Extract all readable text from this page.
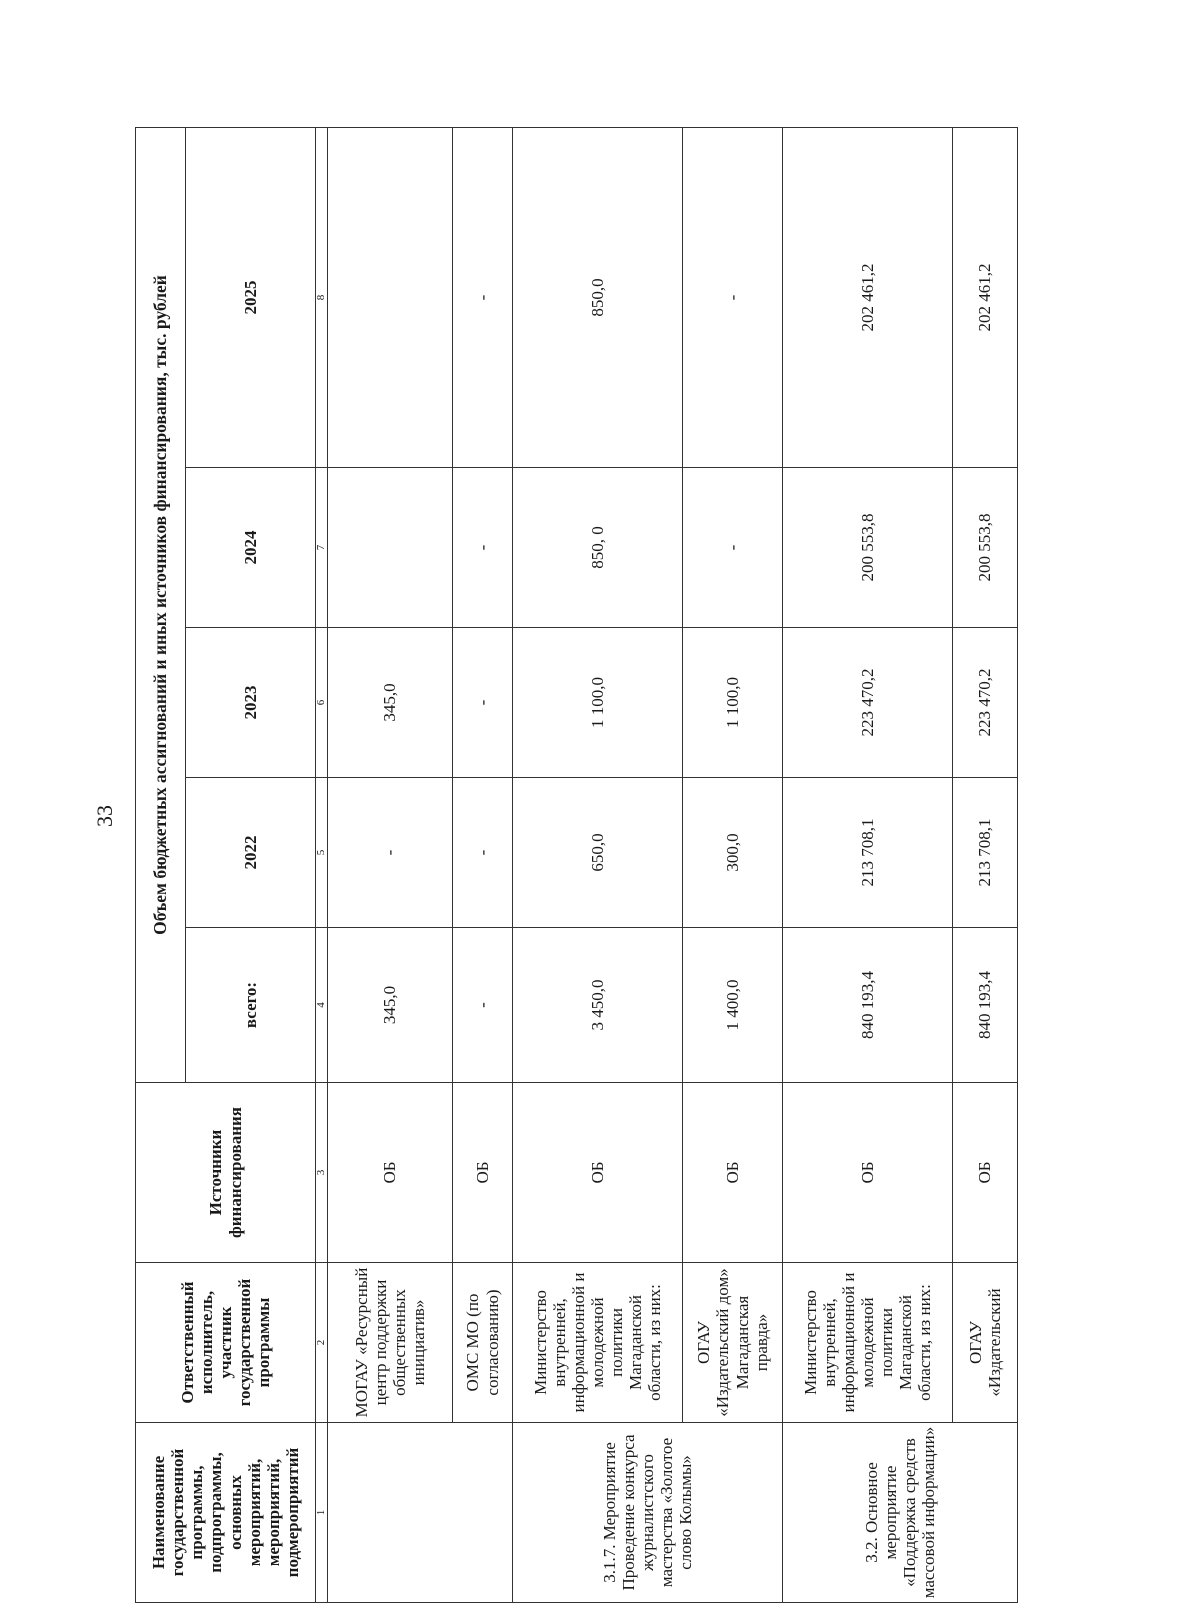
33
Наименование государственной программы, подпрограммы, основных мероприятий, мероприятий, подмероприятий	Ответственный исполнитель, участник государственной программы	Источники финансирования	Объем бюджетных ассигнований и иных источников финансирования, тыс. рублей				
			всего:	2022	2023	2024	2025
1	2	3	4	5	6	7	8
	МОГАУ «Ресурсный центр поддержки общественных инициатив»	ОБ	345,0	-	345,0		
	ОМС МО (по согласованию)	ОБ	-	-	-	-	-
3.1.7. Мероприятие Проведение конкурса журналистского мастерства «Золотое слово Колымы»	Министерство внутренней, информационной и молодежной политики Магаданской области, из них:	ОБ	3 450,0	650,0	1 100,0	850, 0	850,0
	ОГАУ «Издательский дом» Магаданская правда»	ОБ	1 400,0	300,0	1 100,0	-	-
3.2. Основное мероприятие «Поддержка средств массовой информации»	Министерство внутренней, информационной и молодежной политики Магаданской области, из них:	ОБ	840 193,4	213 708,1	223 470,2	200 553,8	202 461,2
	ОГАУ «Издательский	ОБ	840 193,4	213 708,1	223 470,2	200 553,8	202 461,2
